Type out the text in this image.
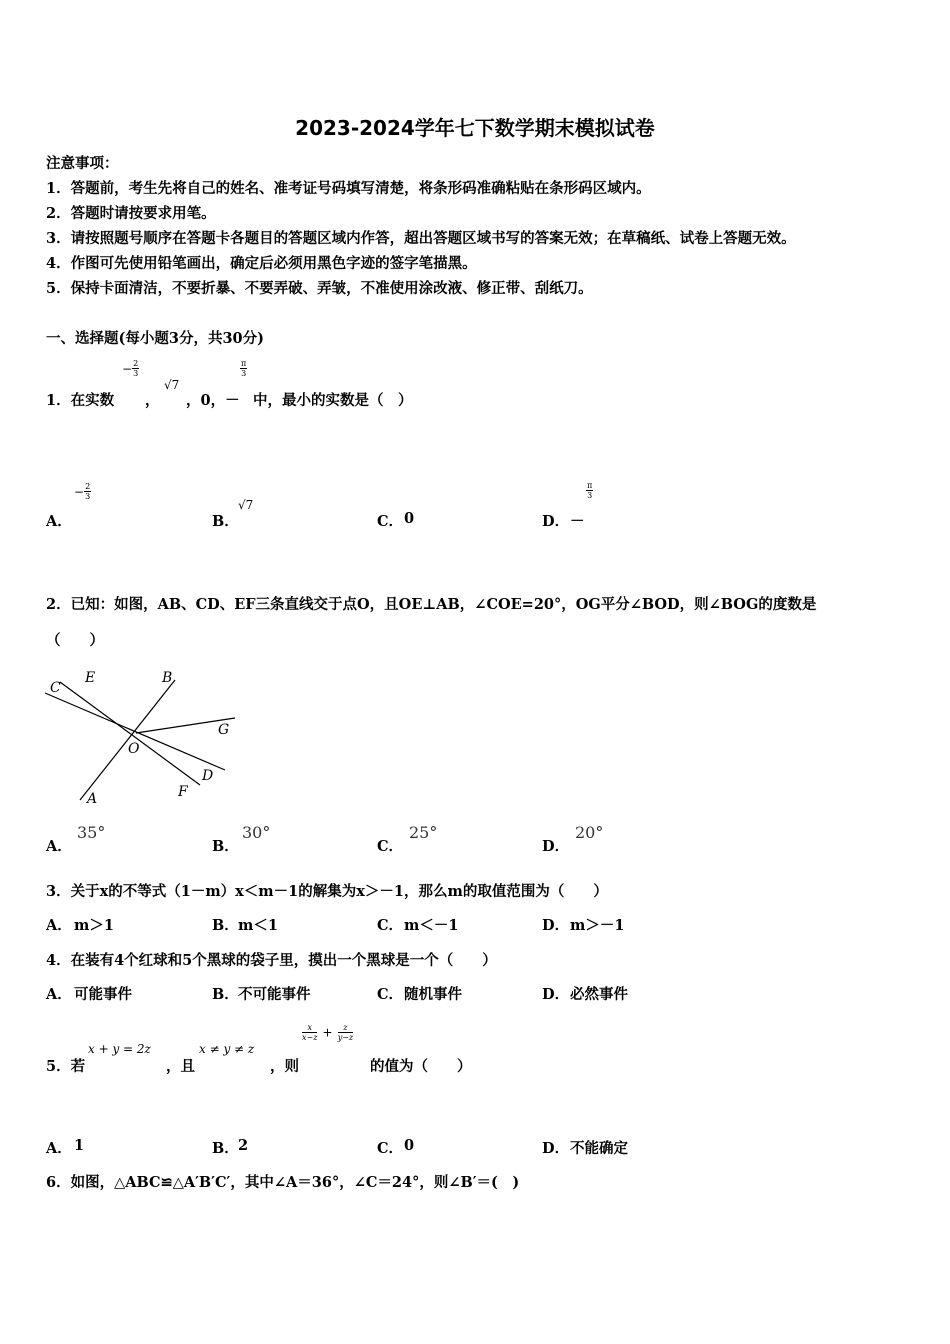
2023-2024学年七下数学期末模拟试卷
注意事项：
1．答题前，考生先将自己的姓名、准考证号码填写清楚，将条形码准确粘贴在条形码区域内。
2．答题时请按要求用笔。
3．请按照题号顺序在答题卡各题目的答题区域内作答，超出答题区域书写的答案无效；在草稿纸、试卷上答题无效。
4．作图可先使用铅笔画出，确定后必须用黑色字迹的签字笔描黑。
5．保持卡面清洁，不要折暴、不要弄破、弄皱，不准使用涂改液、修正带、刮纸刀。
一、选择题(每小题3分，共30分)
1．在实数
− $\frac{2}{3}$
，
√7
，0，－
$\frac{\pi}{3}$
中，最小的实数是（　）
A．
− $\frac{2}{3}$
B．
√7
C． 0	D． －
$\frac{\pi}{3}$
2．已知：如图，AB、CD、EF三条直线交于点O，且OE⊥AB，∠COE=20°，OG平分∠BOD，则∠BOG的度数是
（　　）
C
E	B
G
O
D
F
A
A．
35°
B．
30°
C．
25°
D．
20°
3．关于x的不等式（1－m）x＜m－1的解集为x＞－1，那么m的取值范围为（　　）
A． m＞1	B． m＜1	C． m＜－1	D． m＞－1
4．在装有4个红球和5个黑球的袋子里，摸出一个黑球是一个（　　）
A． 可能事件	B． 不可能事件	C． 随机事件	D． 必然事件
5．若
x + y = 2z
，且
x ≠ y ≠ z
，则
$\frac{x}{x-z} + \frac{z}{y-z}$
的值为（　　）
A． 1	B． 2	C． 0	D． 不能确定
6．如图，△ABC≌△A′B′C′，其中∠A＝36°，∠C＝24°，则∠B′＝(　)
